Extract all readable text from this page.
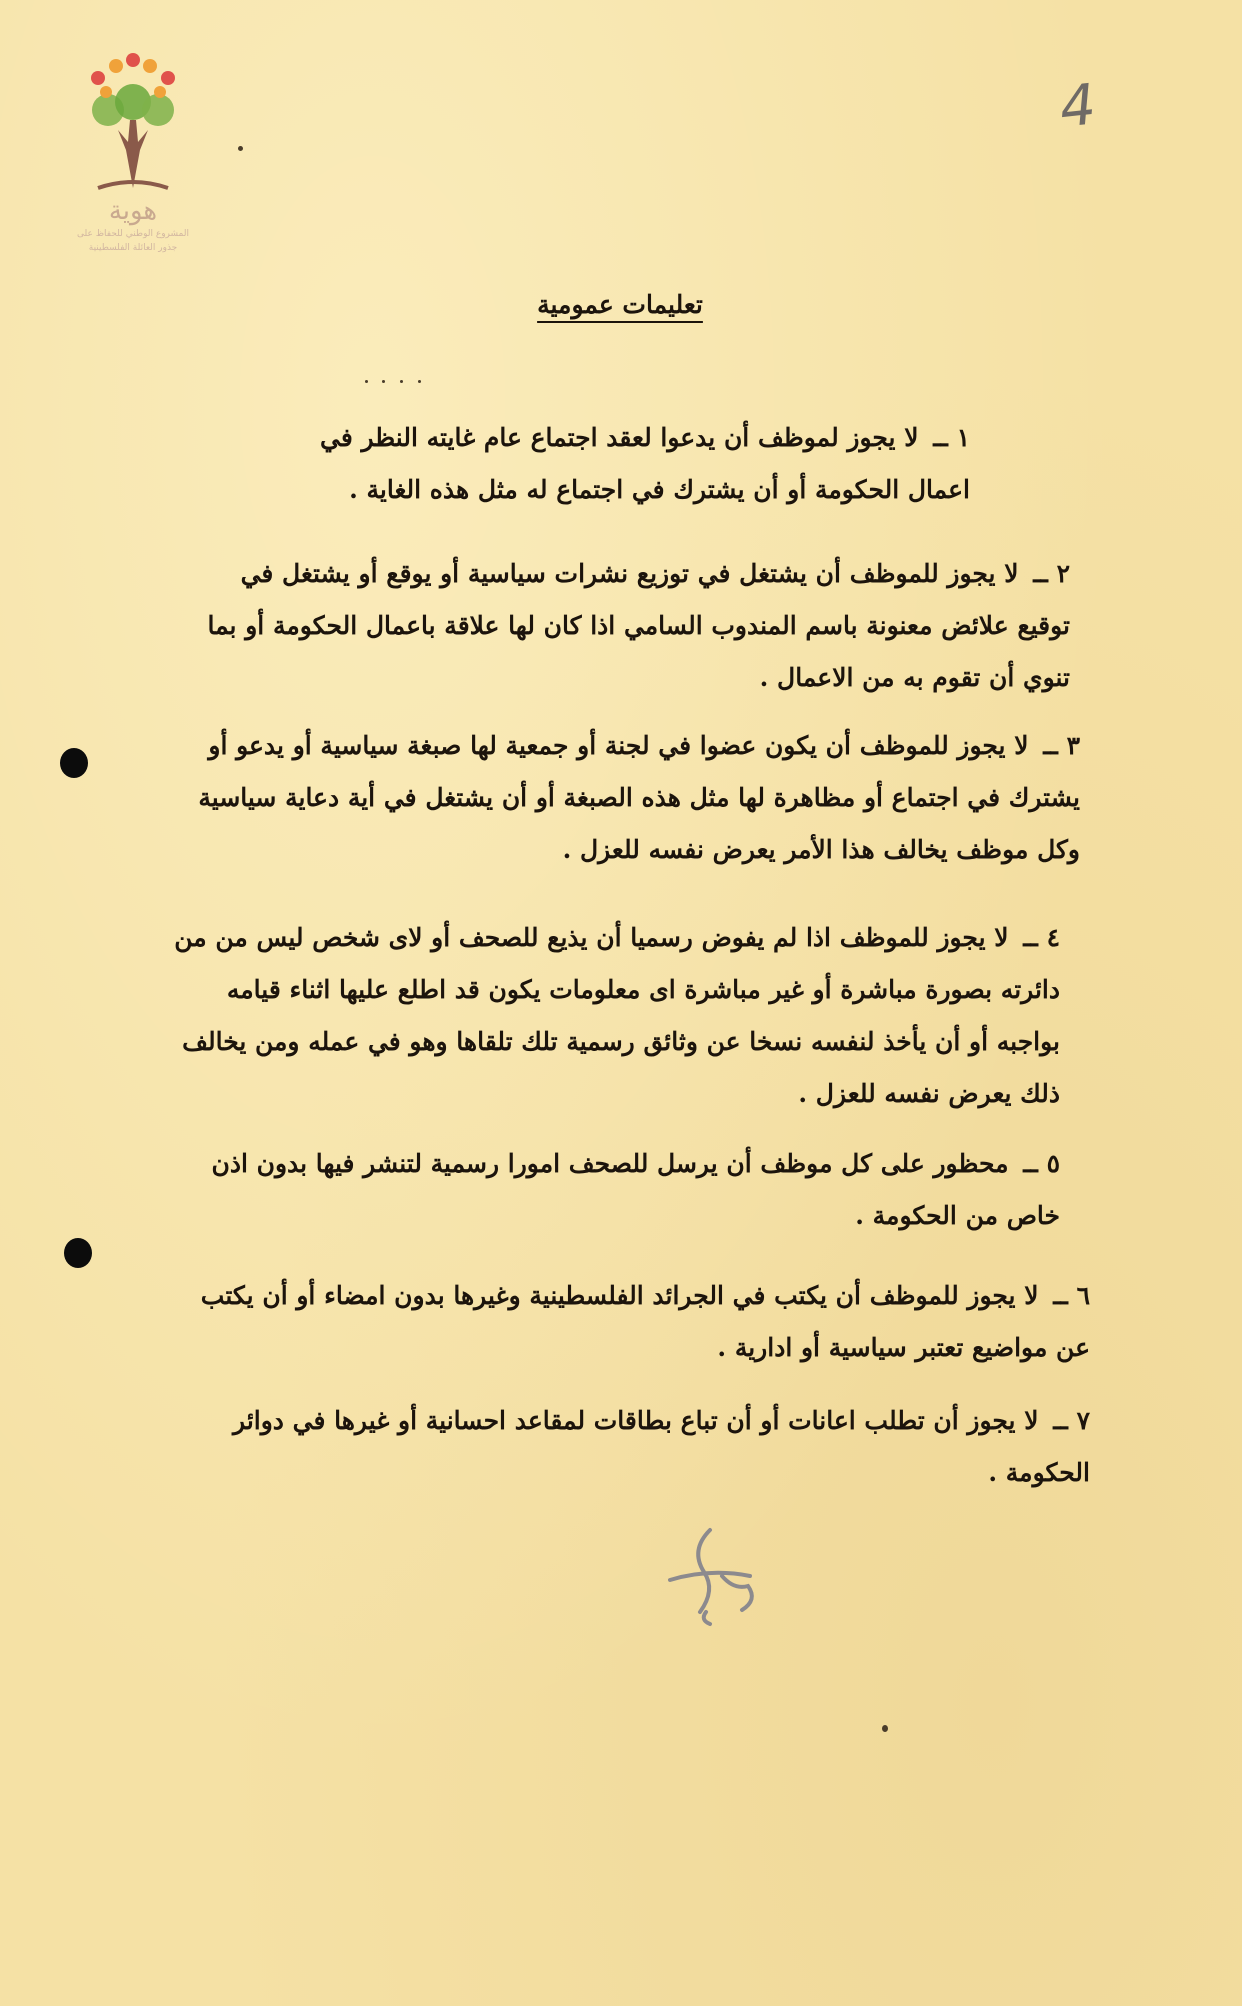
هوية
المشروع الوطني للحفاظ على
جذور العائلة الفلسطينية
4
تعليمات عمومية
١ ــ لا يجوز لموظف أن يدعوا لعقد اجتماع عام غايته النظر في اعمال الحكومة أو أن يشترك في اجتماع له مثل هذه الغاية .
٢ ــ لا يجوز للموظف أن يشتغل في توزيع نشرات سياسية أو يوقع أو يشتغل في توقيع علائض معنونة باسم المندوب السامي اذا كان لها علاقة باعمال الحكومة أو بما تنوي أن تقوم به من الاعمال .
٣ ــ لا يجوز للموظف أن يكون عضوا في لجنة أو جمعية لها صبغة سياسية أو يدعو أو يشترك في اجتماع أو مظاهرة لها مثل هذه الصبغة أو أن يشتغل في أية دعاية سياسية وكل موظف يخالف هذا الأمر يعرض نفسه للعزل .
٤ ــ لا يجوز للموظف اذا لم يفوض رسميا أن يذيع للصحف أو لاى شخص ليس من من دائرته بصورة مباشرة أو غير مباشرة اى معلومات يكون قد اطلع عليها اثناء قيامه بواجبه أو أن يأخذ لنفسه نسخا عن وثائق رسمية تلك تلقاها وهو في عمله ومن يخالف ذلك يعرض نفسه للعزل .
٥ ــ محظور على كل موظف أن يرسل للصحف امورا رسمية لتنشر فيها بدون اذن خاص من الحكومة .
٦ ــ لا يجوز للموظف أن يكتب في الجرائد الفلسطينية وغيرها بدون امضاء أو أن يكتب عن مواضيع تعتبر سياسية أو ادارية .
٧ ــ لا يجوز أن تطلب اعانات أو أن تباع بطاقات لمقاعد احسانية أو غيرها في دوائر الحكومة .
